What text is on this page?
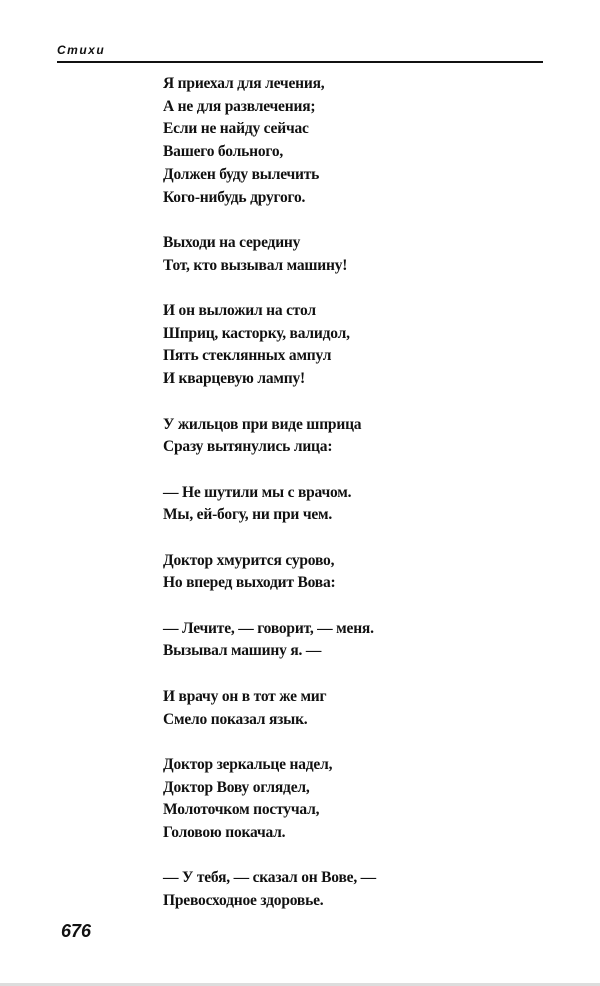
Стихи
Я приехал для лечения,
А не для развлечения;
Если не найду сейчас
Вашего больного,
Должен буду вылечить
Кого-нибудь другого.
Выходи на середину
Тот, кто вызывал машину!
И он выложил на стол
Шприц, касторку, валидол,
Пять стеклянных ампул
И кварцевую лампу!
У жильцов при виде шприца
Сразу вытянулись лица:
— Не шутили мы с врачом.
Мы, ей-богу, ни при чем.
Доктор хмурится сурово,
Но вперед выходит Вова:
— Лечите, — говорит, — меня.
Вызывал машину я. —
И врачу он в тот же миг
Смело показал язык.
Доктор зеркальце надел,
Доктор Вову оглядел,
Молоточком постучал,
Головою покачал.
— У тебя, — сказал он Вове, —
Превосходное здоровье.
676
